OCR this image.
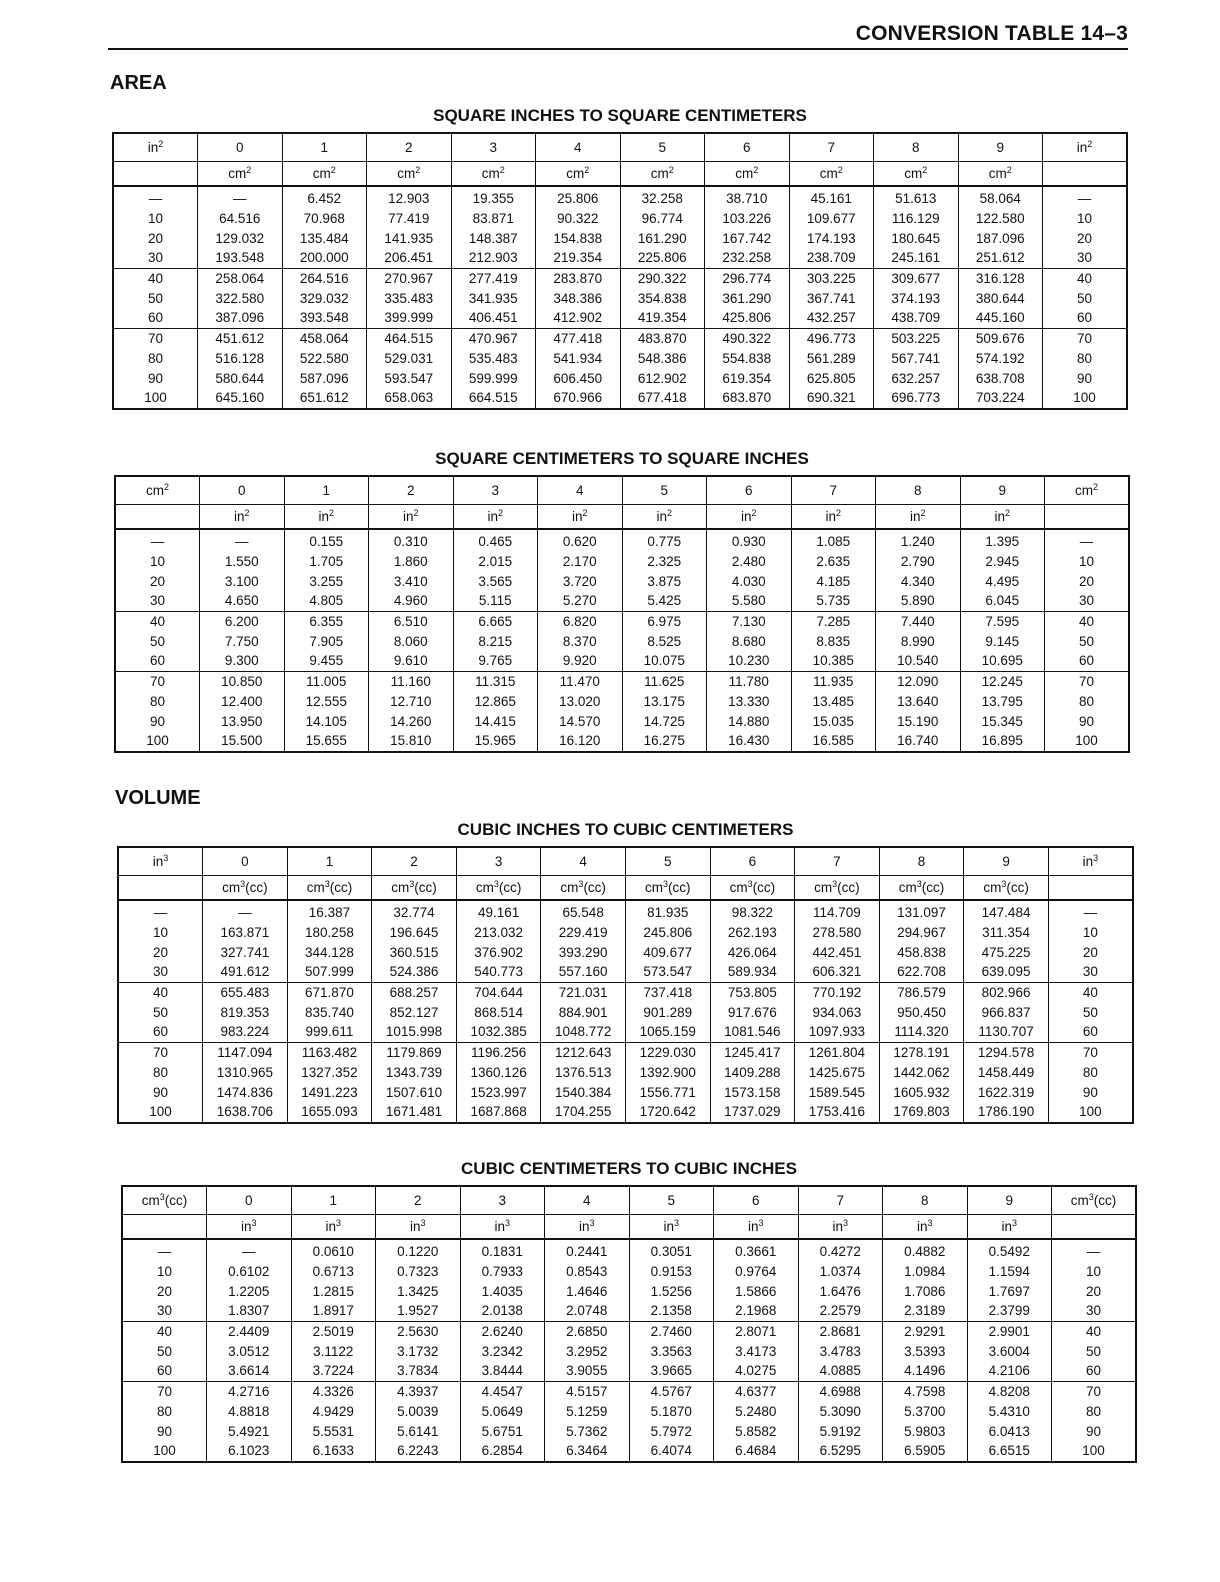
CONVERSION TABLE 14–3
AREA
VOLUME
SQUARE INCHES TO SQUARE CENTIMETERS
$in^2$	0	1	2	3	4	5	6	7	8	9	$in^2$
	$cm^2$	$cm^2$	$cm^2$	$cm^2$	$cm^2$	$cm^2$	$cm^2$	$cm^2$	$cm^2$	$cm^2$	
—	—	6.452	12.903	19.355	25.806	32.258	38.710	45.161	51.613	58.064	—
10	64.516	70.968	77.419	83.871	90.322	96.774	103.226	109.677	116.129	122.580	10
20	129.032	135.484	141.935	148.387	154.838	161.290	167.742	174.193	180.645	187.096	20
30	193.548	200.000	206.451	212.903	219.354	225.806	232.258	238.709	245.161	251.612	30
40	258.064	264.516	270.967	277.419	283.870	290.322	296.774	303.225	309.677	316.128	40
50	322.580	329.032	335.483	341.935	348.386	354.838	361.290	367.741	374.193	380.644	50
60	387.096	393.548	399.999	406.451	412.902	419.354	425.806	432.257	438.709	445.160	60
70	451.612	458.064	464.515	470.967	477.418	483.870	490.322	496.773	503.225	509.676	70
80	516.128	522.580	529.031	535.483	541.934	548.386	554.838	561.289	567.741	574.192	80
90	580.644	587.096	593.547	599.999	606.450	612.902	619.354	625.805	632.257	638.708	90
100	645.160	651.612	658.063	664.515	670.966	677.418	683.870	690.321	696.773	703.224	100
SQUARE CENTIMETERS TO SQUARE INCHES
$cm^2$	0	1	2	3	4	5	6	7	8	9	$cm^2$
	$in^2$	$in^2$	$in^2$	$in^2$	$in^2$	$in^2$	$in^2$	$in^2$	$in^2$	$in^2$	
—	—	0.155	0.310	0.465	0.620	0.775	0.930	1.085	1.240	1.395	—
10	1.550	1.705	1.860	2.015	2.170	2.325	2.480	2.635	2.790	2.945	10
20	3.100	3.255	3.410	3.565	3.720	3.875	4.030	4.185	4.340	4.495	20
30	4.650	4.805	4.960	5.115	5.270	5.425	5.580	5.735	5.890	6.045	30
40	6.200	6.355	6.510	6.665	6.820	6.975	7.130	7.285	7.440	7.595	40
50	7.750	7.905	8.060	8.215	8.370	8.525	8.680	8.835	8.990	9.145	50
60	9.300	9.455	9.610	9.765	9.920	10.075	10.230	10.385	10.540	10.695	60
70	10.850	11.005	11.160	11.315	11.470	11.625	11.780	11.935	12.090	12.245	70
80	12.400	12.555	12.710	12.865	13.020	13.175	13.330	13.485	13.640	13.795	80
90	13.950	14.105	14.260	14.415	14.570	14.725	14.880	15.035	15.190	15.345	90
100	15.500	15.655	15.810	15.965	16.120	16.275	16.430	16.585	16.740	16.895	100
CUBIC INCHES TO CUBIC CENTIMETERS
$in^3$	0	1	2	3	4	5	6	7	8	9	$in^3$
	$cm^3(cc)$	$cm^3(cc)$	$cm^3(cc)$	$cm^3(cc)$	$cm^3(cc)$	$cm^3(cc)$	$cm^3(cc)$	$cm^3(cc)$	$cm^3(cc)$	$cm^3(cc)$	
—	—	16.387	32.774	49.161	65.548	81.935	98.322	114.709	131.097	147.484	—
10	163.871	180.258	196.645	213.032	229.419	245.806	262.193	278.580	294.967	311.354	10
20	327.741	344.128	360.515	376.902	393.290	409.677	426.064	442.451	458.838	475.225	20
30	491.612	507.999	524.386	540.773	557.160	573.547	589.934	606.321	622.708	639.095	30
40	655.483	671.870	688.257	704.644	721.031	737.418	753.805	770.192	786.579	802.966	40
50	819.353	835.740	852.127	868.514	884.901	901.289	917.676	934.063	950.450	966.837	50
60	983.224	999.611	1015.998	1032.385	1048.772	1065.159	1081.546	1097.933	1114.320	1130.707	60
70	1147.094	1163.482	1179.869	1196.256	1212.643	1229.030	1245.417	1261.804	1278.191	1294.578	70
80	1310.965	1327.352	1343.739	1360.126	1376.513	1392.900	1409.288	1425.675	1442.062	1458.449	80
90	1474.836	1491.223	1507.610	1523.997	1540.384	1556.771	1573.158	1589.545	1605.932	1622.319	90
100	1638.706	1655.093	1671.481	1687.868	1704.255	1720.642	1737.029	1753.416	1769.803	1786.190	100
CUBIC CENTIMETERS TO CUBIC INCHES
$cm^3(cc)$	0	1	2	3	4	5	6	7	8	9	$cm^3(cc)$
	$in^3$	$in^3$	$in^3$	$in^3$	$in^3$	$in^3$	$in^3$	$in^3$	$in^3$	$in^3$	
—	—	0.0610	0.1220	0.1831	0.2441	0.3051	0.3661	0.4272	0.4882	0.5492	—
10	0.6102	0.6713	0.7323	0.7933	0.8543	0.9153	0.9764	1.0374	1.0984	1.1594	10
20	1.2205	1.2815	1.3425	1.4035	1.4646	1.5256	1.5866	1.6476	1.7086	1.7697	20
30	1.8307	1.8917	1.9527	2.0138	2.0748	2.1358	2.1968	2.2579	2.3189	2.3799	30
40	2.4409	2.5019	2.5630	2.6240	2.6850	2.7460	2.8071	2.8681	2.9291	2.9901	40
50	3.0512	3.1122	3.1732	3.2342	3.2952	3.3563	3.4173	3.4783	3.5393	3.6004	50
60	3.6614	3.7224	3.7834	3.8444	3.9055	3.9665	4.0275	4.0885	4.1496	4.2106	60
70	4.2716	4.3326	4.3937	4.4547	4.5157	4.5767	4.6377	4.6988	4.7598	4.8208	70
80	4.8818	4.9429	5.0039	5.0649	5.1259	5.1870	5.2480	5.3090	5.3700	5.4310	80
90	5.4921	5.5531	5.6141	5.6751	5.7362	5.7972	5.8582	5.9192	5.9803	6.0413	90
100	6.1023	6.1633	6.2243	6.2854	6.3464	6.4074	6.4684	6.5295	6.5905	6.6515	100
